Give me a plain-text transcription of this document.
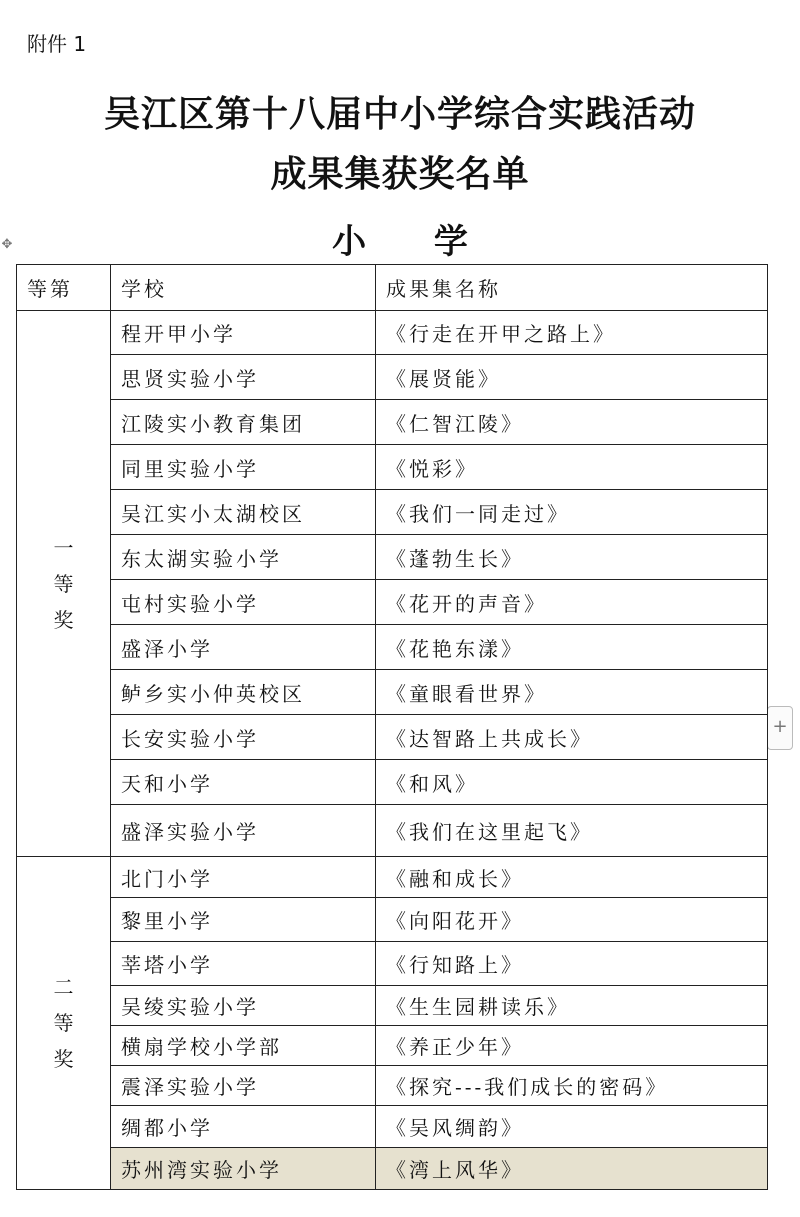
附件 1
吴江区第十八届中小学综合实践活动
成果集获奖名单
小 学
✥
+
等第	学校	成果集名称
一等奖	程开甲小学	《行走在开甲之路上》
	思贤实验小学	《展贤能》
	江陵实小教育集团	《仁智江陵》
	同里实验小学	《悦彩》
	吴江实小太湖校区	《我们一同走过》
	东太湖实验小学	《蓬勃生长》
	屯村实验小学	《花开的声音》
	盛泽小学	《花艳东漾》
	鲈乡实小仲英校区	《童眼看世界》
	长安实验小学	《达智路上共成长》
	天和小学	《和风》
	盛泽实验小学	《我们在这里起飞》
二等奖	北门小学	《融和成长》
	黎里小学	《向阳花开》
	莘塔小学	《行知路上》
	吴绫实验小学	《生生园耕读乐》
	横扇学校小学部	《养正少年》
	震泽实验小学	《探究---我们成长的密码》
	绸都小学	《吴风绸韵》
	苏州湾实验小学	《湾上风华》
